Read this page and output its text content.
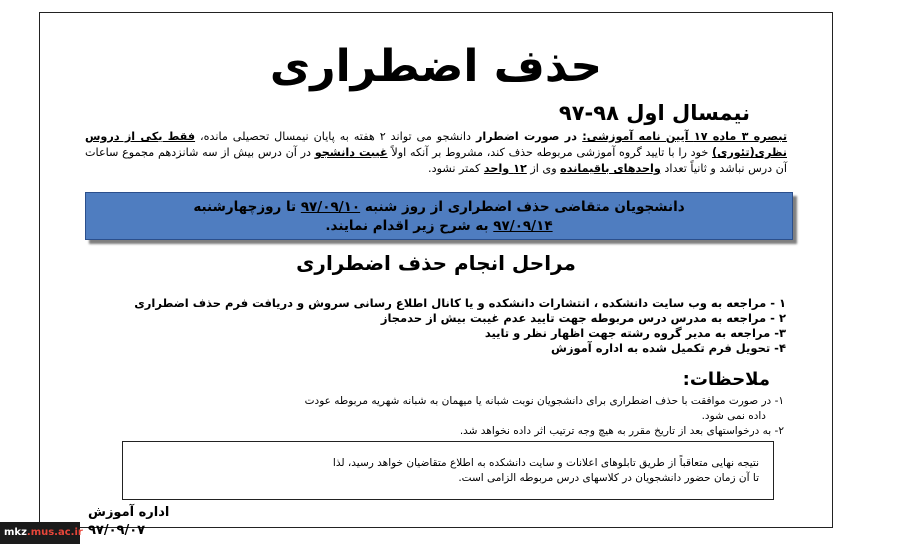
حذف اضطراری
نیمسال اول ۹۸-۹۷
تبصره ۳ ماده ۱۷ آیین نامه آموزشی: در صورت اضطرار دانشجو می تواند ۲ هفته به پایان نیمسال تحصیلی مانده، فقط یکی از دروس نظری(تئوری) خود را با تایید گروه آموزشی مربوطه حذف کند، مشروط بر آنکه اولاً غیبت دانشجو در آن درس بیش از سه شانزدهم مجموع ساعات آن درس نباشد و ثانیاً تعداد واحدهای باقیمانده وی از ۱۲ واحد کمتر نشود.
دانشجویان متقاضی حذف اضطراری از روز شنبه ۹۷/۰۹/۱۰ تا روزچهارشنبه
۹۷/۰۹/۱۴ به شرح زیر اقدام نمایند.
مراحل انجام حذف اضطراری
۱ - مراجعه به وب سایت دانشکده ، انتشارات دانشکده و یا کانال اطلاع رسانی سروش و دریافت فرم حذف اضطراری
۲ - مراجعه به مدرس درس مربوطه جهت تایید عدم غیبت بیش از حدمجاز
۳- مراجعه به مدیر گروه رشته جهت اظهار نظر و تایید
۴- تحویل فرم تکمیل شده به اداره آموزش
ملاحظات:
۱- در صورت موافقت با حذف اضطراری برای دانشجویان نوبت شبانه یا میهمان به شبانه شهریه مربوطه عودت
داده نمی شود.
۲- به درخواستهای بعد از تاریخ مقرر به هیچ وجه ترتیب اثر داده نخواهد شد.
نتیجه نهایی متعاقباً از طریق تابلوهای اعلانات و سایت دانشکده به اطلاع متقاضیان خواهد رسید، لذا
تا آن زمان حضور دانشجویان در کلاسهای درس مربوطه الزامی است.
اداره آموزش
۹۷/۰۹/۰۷
mkz.mus.ac.ir
